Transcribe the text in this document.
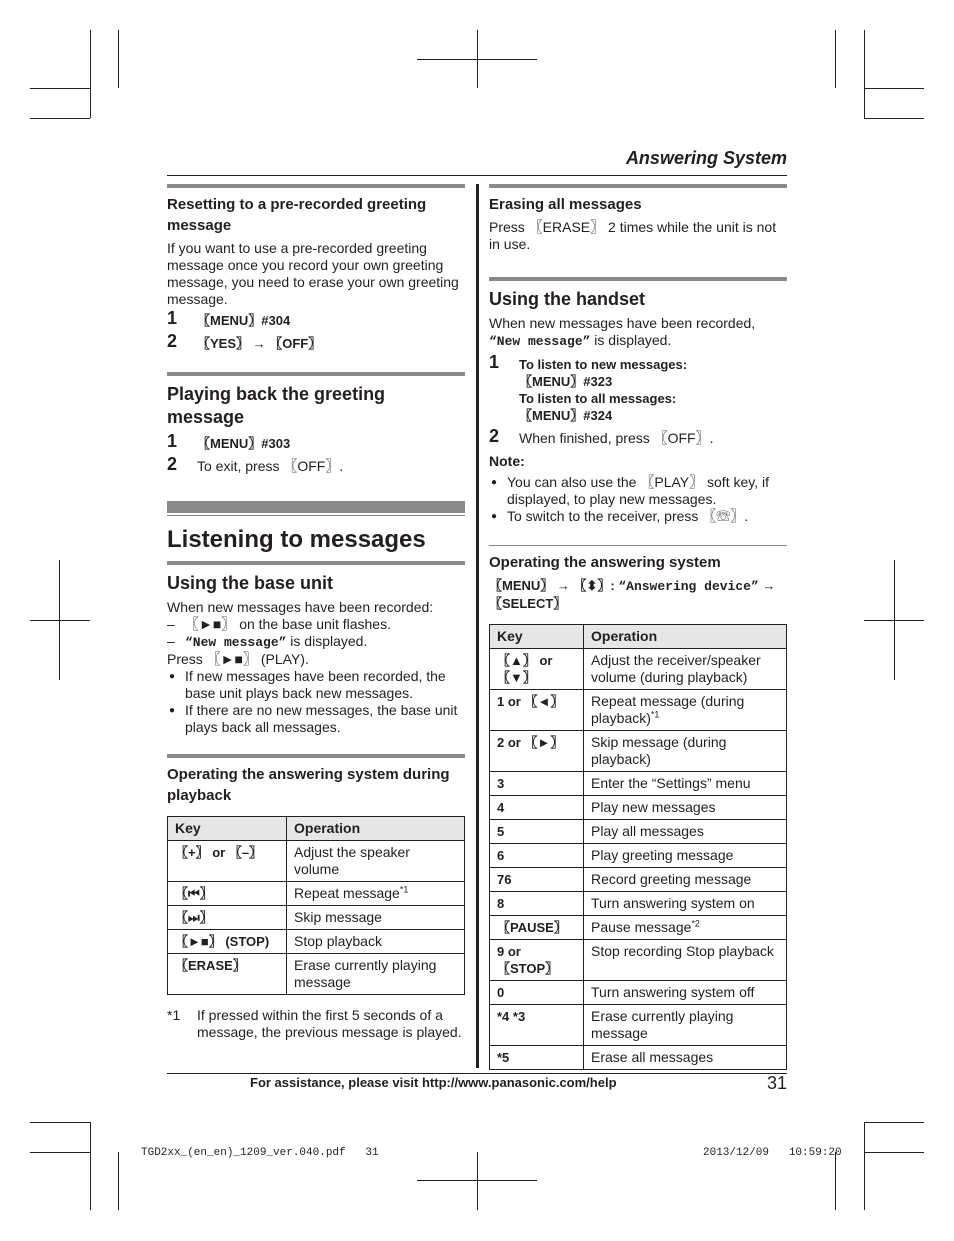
Answering System
Resetting to a pre-recorded greeting message

If you want to use a pre-recorded greeting message once you record your own greeting message, you need to erase your own greeting message.

1 〖MENU〗#304
2 〖YES〗 → 〖OFF〗
Playing back the greeting message
1 〖MENU〗#303
2 To exit, press 〖OFF〗.
Listening to messages
Using the base unit

When new messages have been recorded:

– 〖►■〗 on the base unit flashes.
– “New message” is displayed.

Press 〖►■〗 (PLAY).

● If new messages have been recorded, the base unit plays back new messages.
● If there are no new messages, the base unit plays back all messages.
Operating the answering system during playback
Key	Operation
〖+〗 or 〖–〗	Adjust the speaker volume
〖⏮〗	Repeat message$^{*1}$
〖⏭〗	Skip message
〖►■〗 (STOP)	Stop playback
〖ERASE〗	Erase currently playing message
*1 If pressed within the first 5 seconds of a message, the previous message is played.
Erasing all messages

Press 〖ERASE〗 2 times while the unit is not in use.

Using the handset

When new messages have been recorded,
“New message” is displayed.

1 To listen to new messages:
〖MENU〗#323
To listen to all messages:
〖MENU〗#324
2 When finished, press 〖OFF〗.

Note:

● You can also use the 〖PLAY〗 soft key, if displayed, to play new messages.
● To switch to the receiver, press 〖☏〗.
Operating the answering system

〖MENU〗 → 〖⬍〗: “Answering device” → 〖SELECT〗

Key	Operation
〖▲〗 or 〖▼〗	Adjust the receiver/speaker volume (during playback)
1 or 〖◄〗	Repeat message (during playback)$^{*1}$
2 or 〖►〗	Skip message (during playback)
3	Enter the “Settings” menu
4	Play new messages
5	Play all messages
6	Play greeting message
76	Record greeting message
8	Turn answering system on
〖PAUSE〗	Pause message$^{*2}$
9 or 〖STOP〗	Stop recording Stop playback
0	Turn answering system off
*4 *3	Erase currently playing message
*5	Erase all messages
For assistance, please visit http://www.panasonic.com/help	31
TGD2xx_(en_en)_1209_ver.040.pdf   31	2013/12/09   10:59:20
